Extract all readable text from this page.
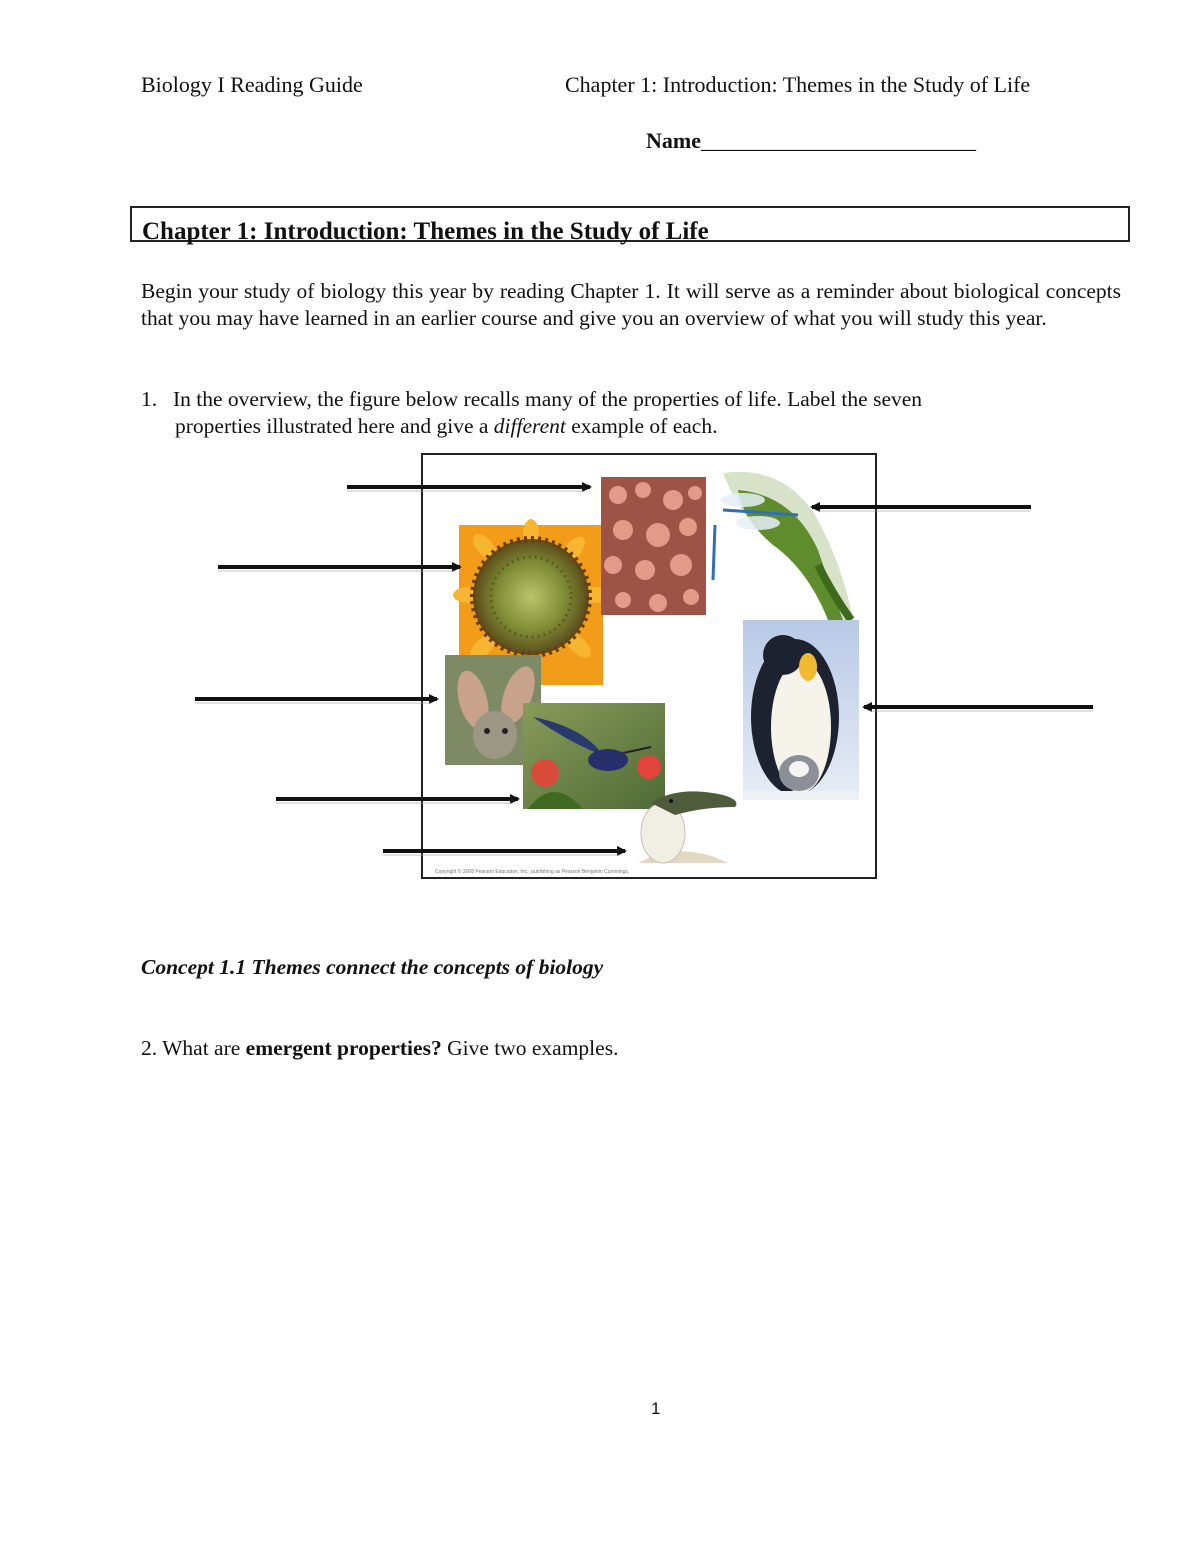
Biology I Reading Guide	Chapter 1: Introduction: Themes in the Study of Life
Name_________________________
Chapter 1: Introduction: Themes in the Study of Life

Begin your study of biology this year by reading Chapter 1. It will serve as a reminder about biological concepts that you may have learned in an earlier course and give you an overview of what you will study this year.

1. In the overview, the figure below recalls many of the properties of life. Label the seven
properties illustrated here and give a different example of each.

Copyright © 2008 Pearson Education, Inc., publishing as Pearson Benjamin Cummings.
Concept 1.1 Themes connect the concepts of biology
2. What are emergent properties? Give two examples.
1
